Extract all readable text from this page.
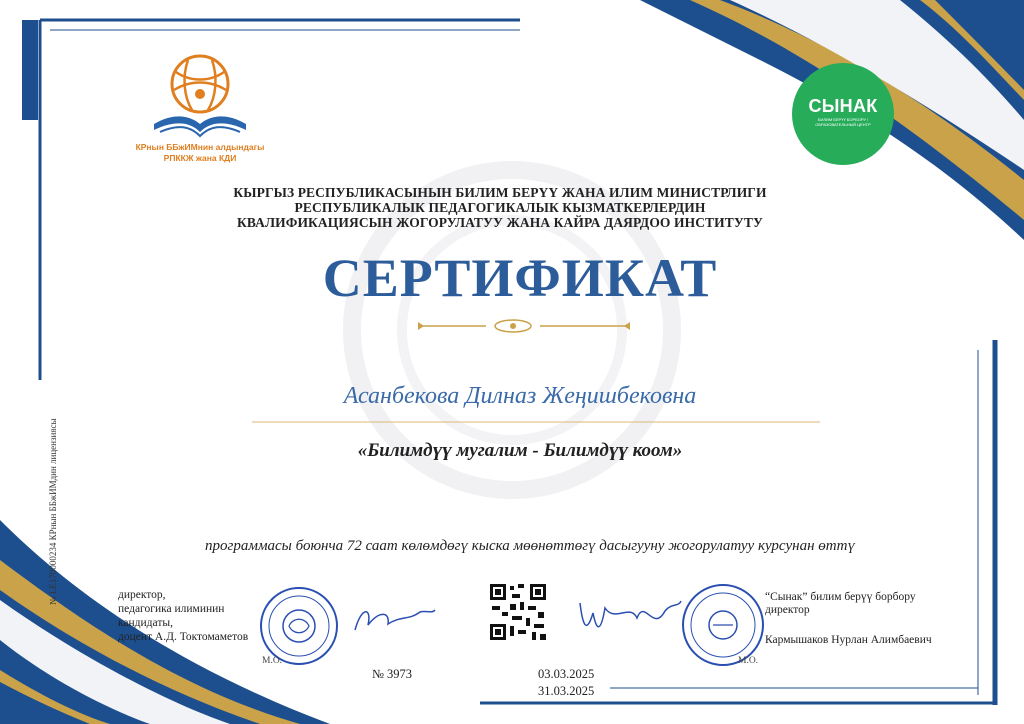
КРнын ББжИМнин алдындагы
РПККЖ жана КДИ
СЫНАК
БИЛИМ БЕРҮҮ БОРБОРУ / ОБРАЗОВАТЕЛЬНЫЙ ЦЕНТР
КЫРГЫЗ РЕСПУБЛИКАСЫНЫН БИЛИМ БЕРҮҮ ЖАНА ИЛИМ МИНИСТРЛИГИ
РЕСПУБЛИКАЛЫК ПЕДАГОГИКАЛЫК КЫЗМАТКЕРЛЕРДИН
КВАЛИФИКАЦИЯСЫН ЖОГОРУЛАТУУ ЖАНА КАЙРА ДАЯРДОО ИНСТИТУТУ
СЕРТИФИКАТ
Асанбекова Дилназ Жеңишбековна
«Билимдүү мугалим - Билимдүү коом»
программасы боюнча 72 саат көлөмдөгү кыска мөөнөттөгү дасыгууну жогорулатуу курсунан өттү
директор,
педагогика илиминин
кандидаты,
доцент А.Д. Токтомаметов
М.О.	М.О.
“Сынак” билим берүү борбору
директор
Кармышаков Нурлан Алимбаевич
№ 3973	03.03.2025
31.03.2025
№ LE170000234 КРнын ББжИМдин лицензиясы
